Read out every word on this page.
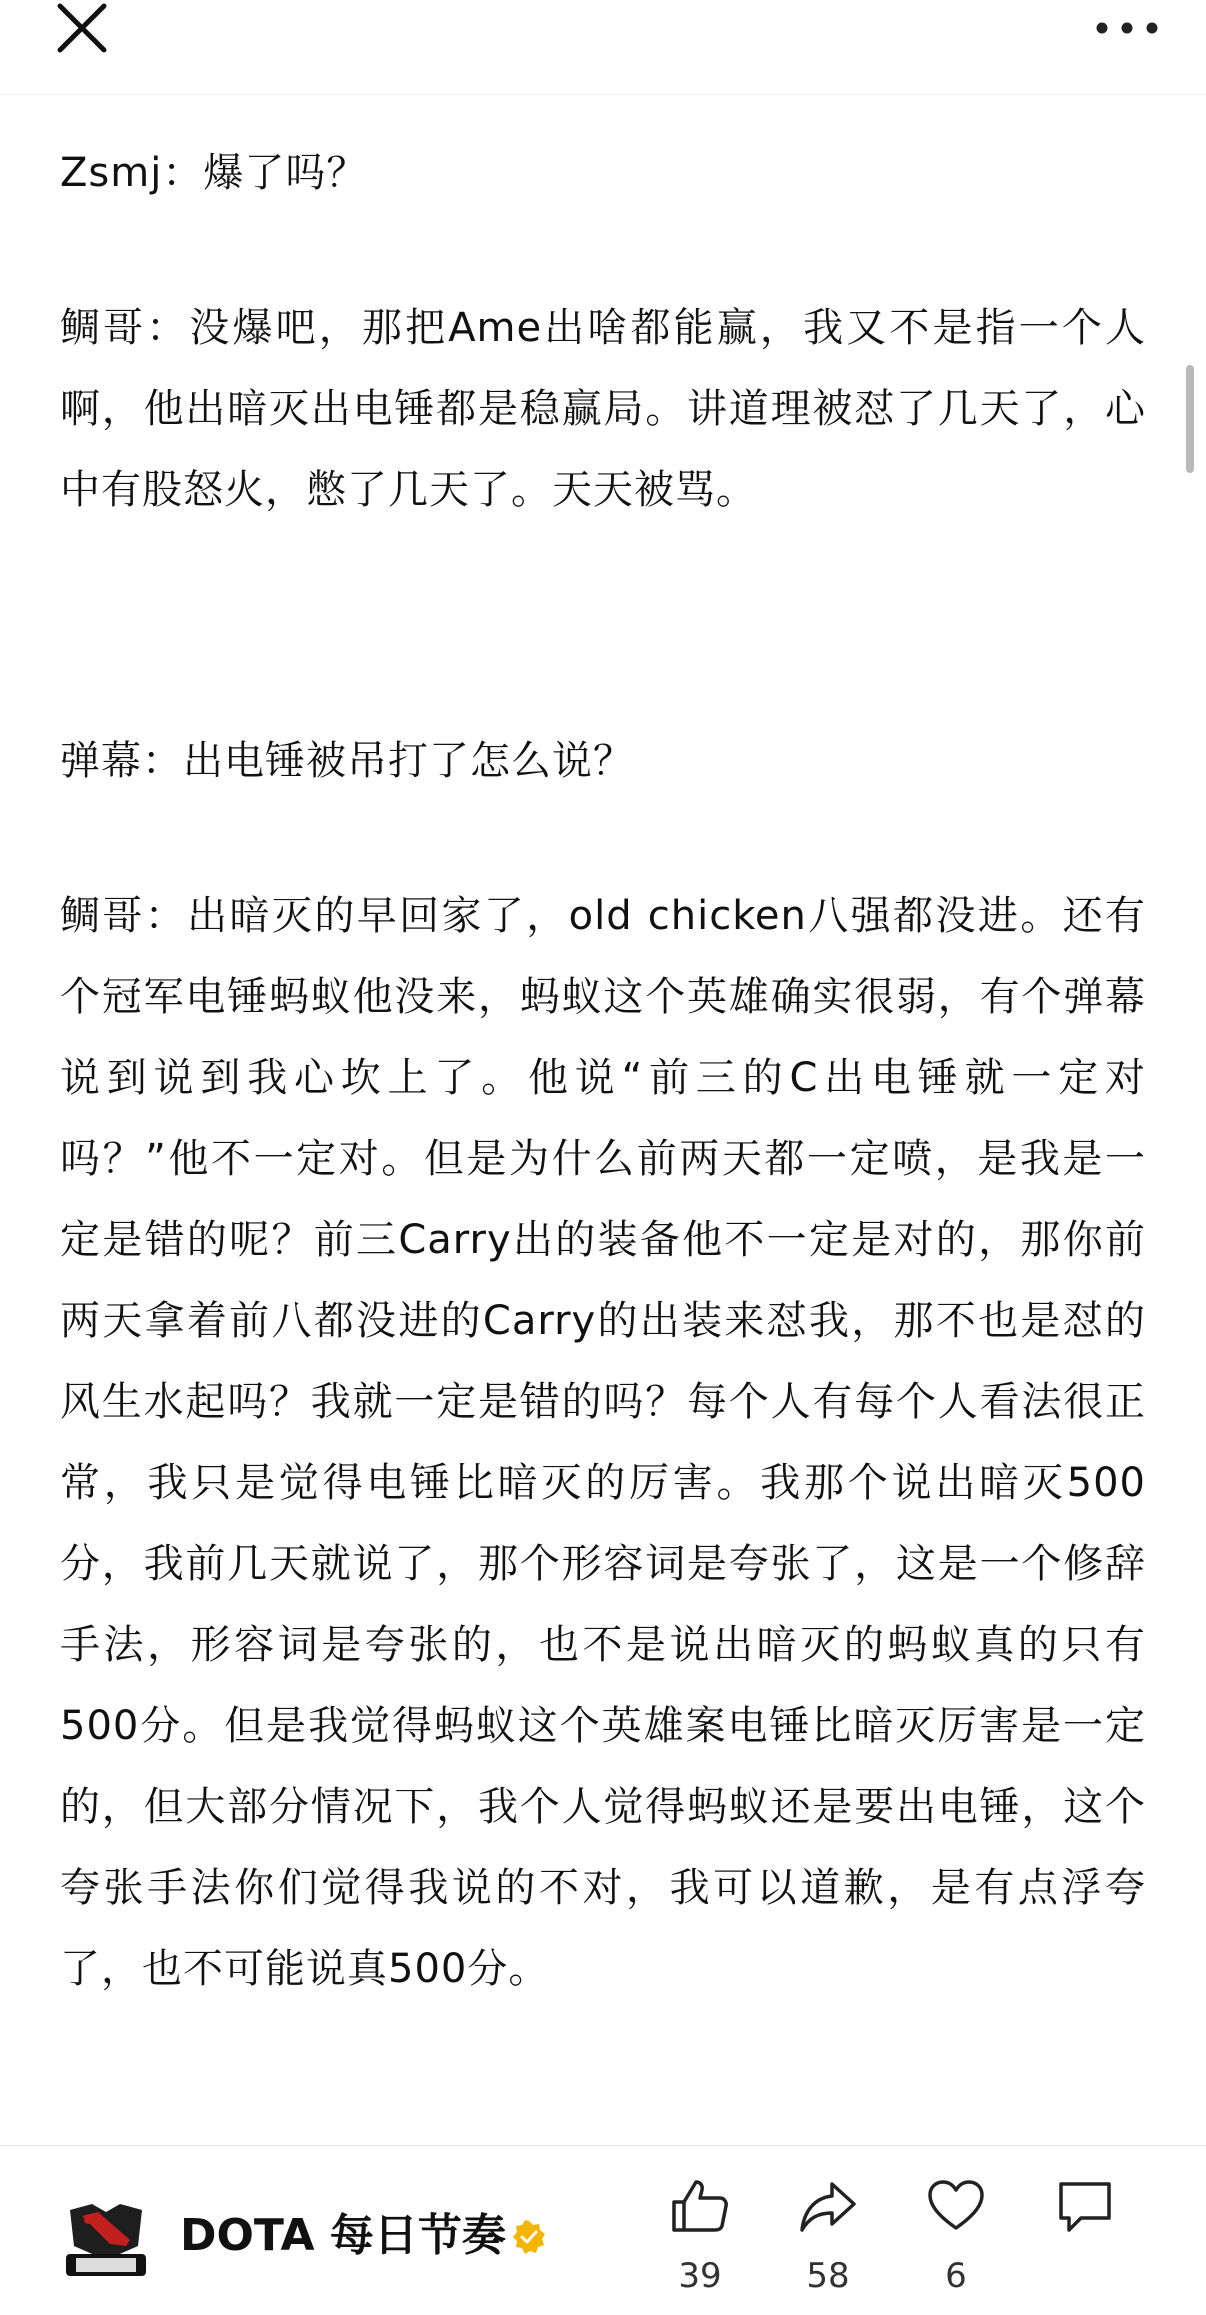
Zsmj：爆了吗？

鲷哥：没爆吧，那把Ame出啥都能赢，我又不是指一个人啊，他出暗灭出电锤都是稳赢局。讲道理被怼了几天了，心中有股怒火，憋了几天了。天天被骂。

弹幕：出电锤被吊打了怎么说？

鲷哥：出暗灭的早回家了，old chicken八强都没进。还有个冠军电锤蚂蚁他没来，蚂蚁这个英雄确实很弱，有个弹幕说到说到我心坎上了。他说“前三的C出电锤就一定对吗？”他不一定对。但是为什么前两天都一定喷，是我是一定是错的呢？前三Carry出的装备他不一定是对的，那你前两天拿着前八都没进的Carry的出装来怼我，那不也是怼的风生水起吗？我就一定是错的吗？每个人有每个人看法很正常，我只是觉得电锤比暗灭的厉害。我那个说出暗灭500分，我前几天就说了，那个形容词是夸张了，这是一个修辞手法，形容词是夸张的，也不是说出暗灭的蚂蚁真的只有500分。但是我觉得蚂蚁这个英雄案电锤比暗灭厉害是一定的，但大部分情况下，我个人觉得蚂蚁还是要出电锤，这个夸张手法你们觉得我说的不对，我可以道歉，是有点浮夸了，也不可能说真500分。

DOTA 每日节奏
39	58	6
